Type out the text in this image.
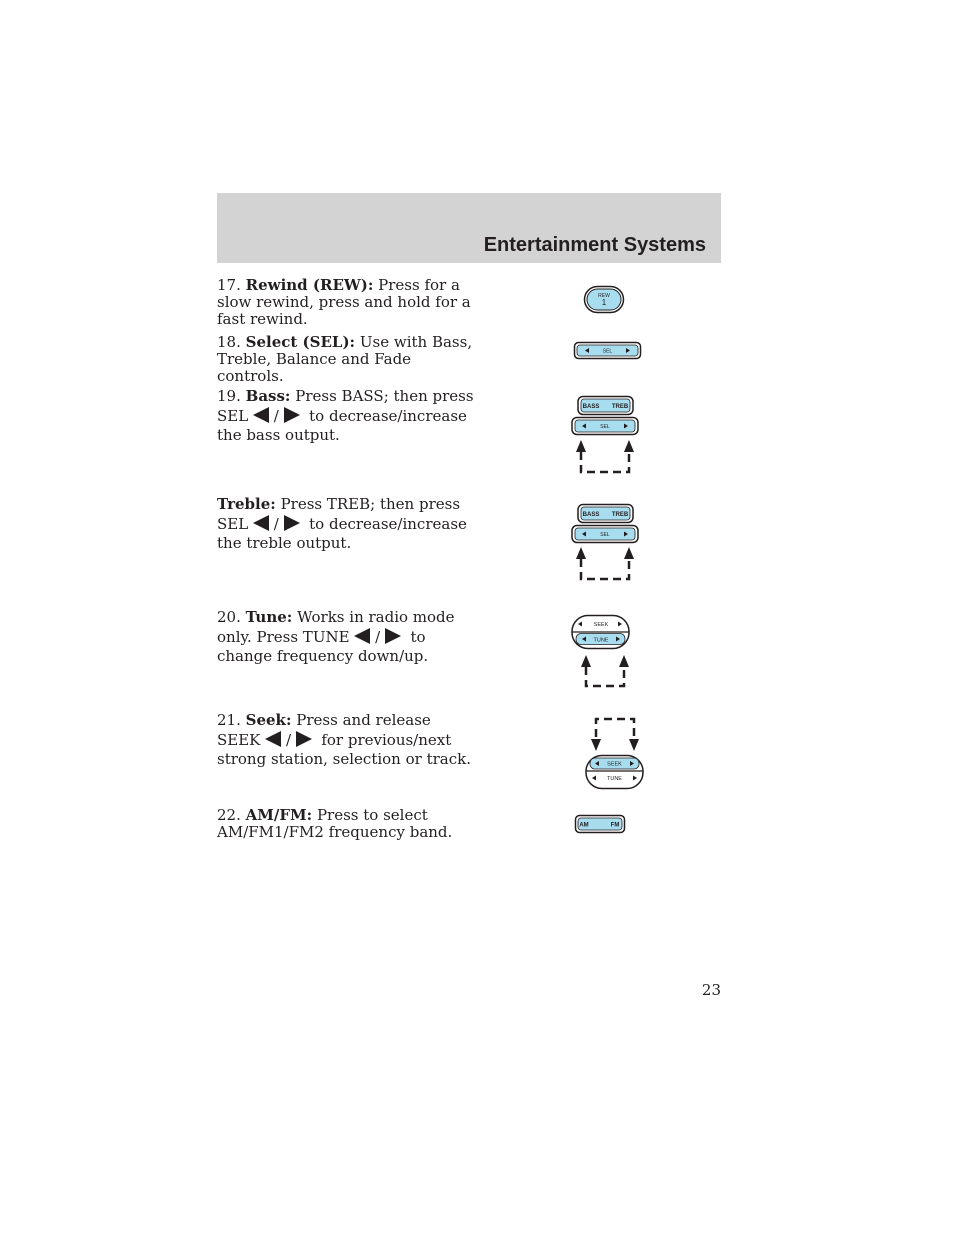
Entertainment Systems
17. Rewind (REW): Press for a slow rewind, press and hold for a fast rewind.
18. Select (SEL): Use with Bass, Treble, Balance and Fade controls.
19. Bass: Press BASS; then press SEL / to decrease/increase the bass output.
Treble: Press TREB; then press SEL / to decrease/increase the treble output.
20. Tune: Works in radio mode only. Press TUNE / to change frequency down/up.
21. Seek: Press and release SEEK / for previous/next strong station, selection or track.
22. AM/FM: Press to select AM/FM1/FM2 frequency band.
REW
1
SEL
BASS TREB
SEL
BASS TREB
SEL
SEEK
TUNE
SEEK
TUNE
AM	FM
23
